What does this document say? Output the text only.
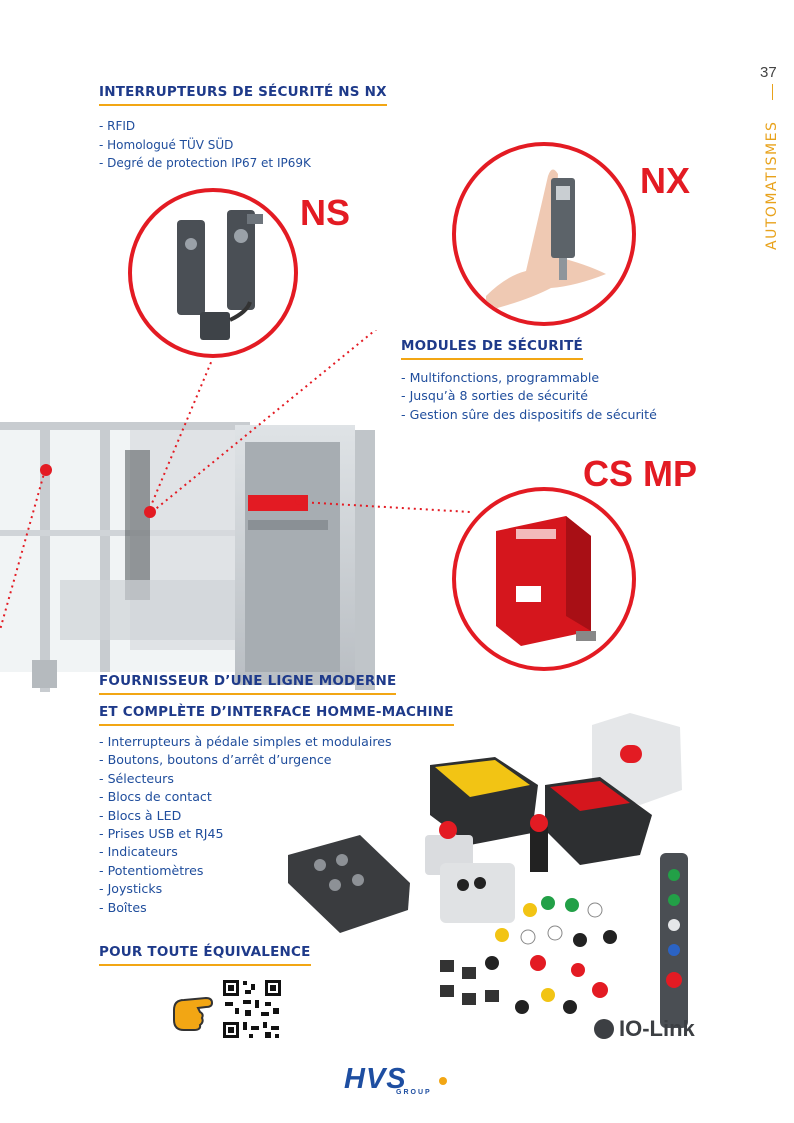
37
AUTOMATISMES
INTERRUPTEURS DE SÉCURITÉ NS NX
- RFID
- Homologué TÜV SÜD
- Degré de protection IP67 et IP69K
NS
NX
MODULES DE SÉCURITÉ
- Multifonctions, programmable
- Jusqu’à 8 sorties de sécurité
- Gestion sûre des dispositifs de sécurité
CS MP
FOURNISSEUR D’UNE LIGNE MODERNE
ET COMPLÈTE D’INTERFACE HOMME-MACHINE
- Interrupteurs à pédale simples et modulaires
- Boutons, boutons d’arrêt d’urgence
- Sélecteurs
- Blocs de contact
- Blocs à LED
- Prises USB et RJ45
- Indicateurs
- Potentiomètres
- Joysticks
- Boîtes
IO-Link
POUR TOUTE ÉQUIVALENCE
HVS
GROUP
